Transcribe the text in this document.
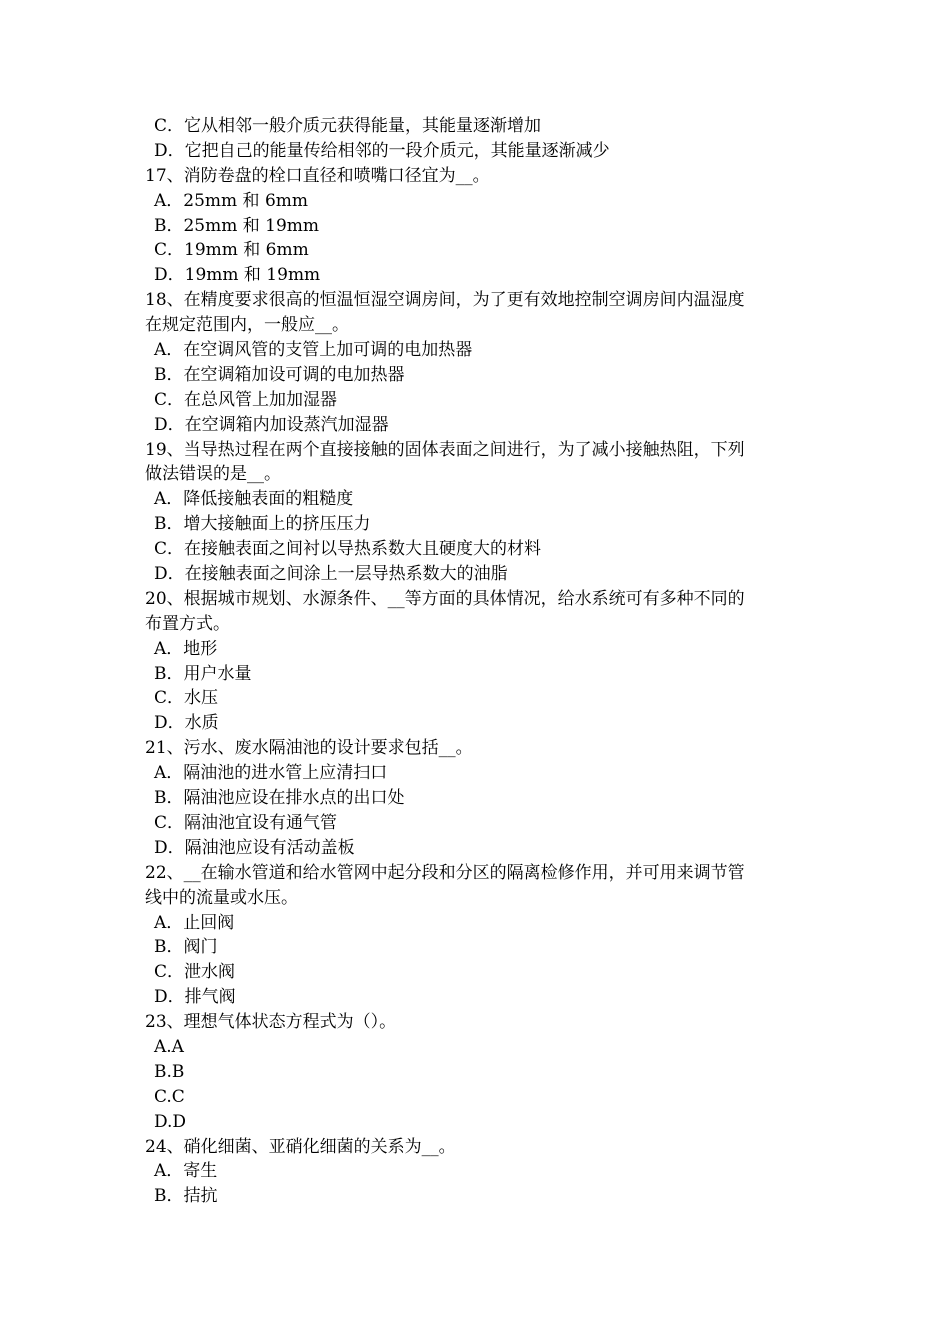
C．它从相邻一般介质元获得能量，其能量逐渐增加
D．它把自己的能量传给相邻的一段介质元，其能量逐渐减少
17、消防卷盘的栓口直径和喷嘴口径宜为__。
A．25mm 和 6mm
B．25mm 和 19mm
C．19mm 和 6mm
D．19mm 和 19mm
18、在精度要求很高的恒温恒湿空调房间，为了更有效地控制空调房间内温湿度
在规定范围内，一般应__。
A．在空调风管的支管上加可调的电加热器
B．在空调箱加设可调的电加热器
C．在总风管上加加湿器
D．在空调箱内加设蒸汽加湿器
19、当导热过程在两个直接接触的固体表面之间进行，为了减小接触热阻，下列
做法错误的是__。
A．降低接触表面的粗糙度
B．增大接触面上的挤压压力
C．在接触表面之间衬以导热系数大且硬度大的材料
D．在接触表面之间涂上一层导热系数大的油脂
20、根据城市规划、水源条件、__等方面的具体情况，给水系统可有多种不同的
布置方式。
A．地形
B．用户水量
C．水压
D．水质
21、污水、废水隔油池的设计要求包括__。
A．隔油池的进水管上应清扫口
B．隔油池应设在排水点的出口处
C．隔油池宜设有通气管
D．隔油池应设有活动盖板
22、__在输水管道和给水管网中起分段和分区的隔离检修作用，并可用来调节管
线中的流量或水压。
A．止回阀
B．阀门
C．泄水阀
D．排气阀
23、理想气体状态方程式为（）。
A.A
B.B
C.C
D.D
24、硝化细菌、亚硝化细菌的关系为__。
A．寄生
B．拮抗
